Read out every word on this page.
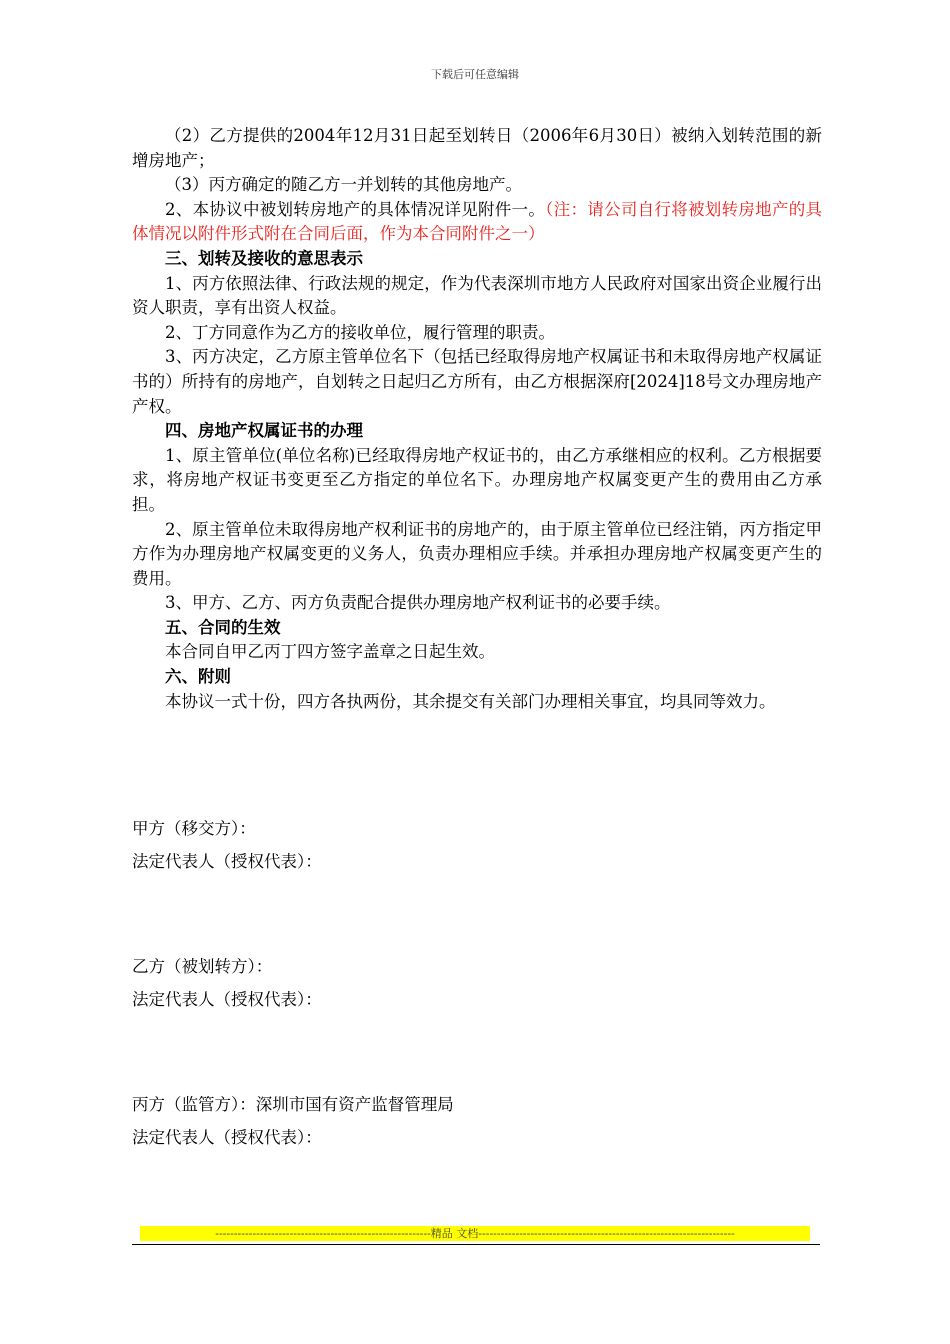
下载后可任意编辑

（2）乙方提供的2004年12月31日起至划转日（2006年6月30日）被纳入划转范围的新增房地产；

（3）丙方确定的随乙方一并划转的其他房地产。

2、本协议中被划转房地产的具体情况详见附件一。（注：请公司自行将被划转房地产的具体情况以附件形式附在合同后面，作为本合同附件之一）

三、划转及接收的意思表示

1、丙方依照法律、行政法规的规定，作为代表深圳市地方人民政府对国家出资企业履行出资人职责，享有出资人权益。

2、丁方同意作为乙方的接收单位，履行管理的职责。

3、丙方决定，乙方原主管单位名下（包括已经取得房地产权属证书和未取得房地产权属证书的）所持有的房地产，自划转之日起归乙方所有，由乙方根据深府[2024]18号文办理房地产产权。

四、房地产权属证书的办理

1、原主管单位(单位名称)已经取得房地产权证书的，由乙方承继相应的权利。乙方根据要求，将房地产权证书变更至乙方指定的单位名下。办理房地产权属变更产生的费用由乙方承担。

2、原主管单位未取得房地产权利证书的房地产的，由于原主管单位已经注销，丙方指定甲方作为办理房地产权属变更的义务人，负责办理相应手续。并承担办理房地产权属变更产生的费用。

3、甲方、乙方、丙方负责配合提供办理房地产权利证书的必要手续。

五、合同的生效

本合同自甲乙丙丁四方签字盖章之日起生效。

六、附则

本协议一式十份，四方各执两份，其余提交有关部门办理相关事宜，均具同等效力。

甲方（移交方）：

法定代表人（授权代表）：

乙方（被划转方）：

法定代表人（授权代表）：

丙方（监管方）：深圳市国有资产监督管理局

法定代表人（授权代表）：

----------------------------------------------------------精品 文档---------------------------------------------------------------------
